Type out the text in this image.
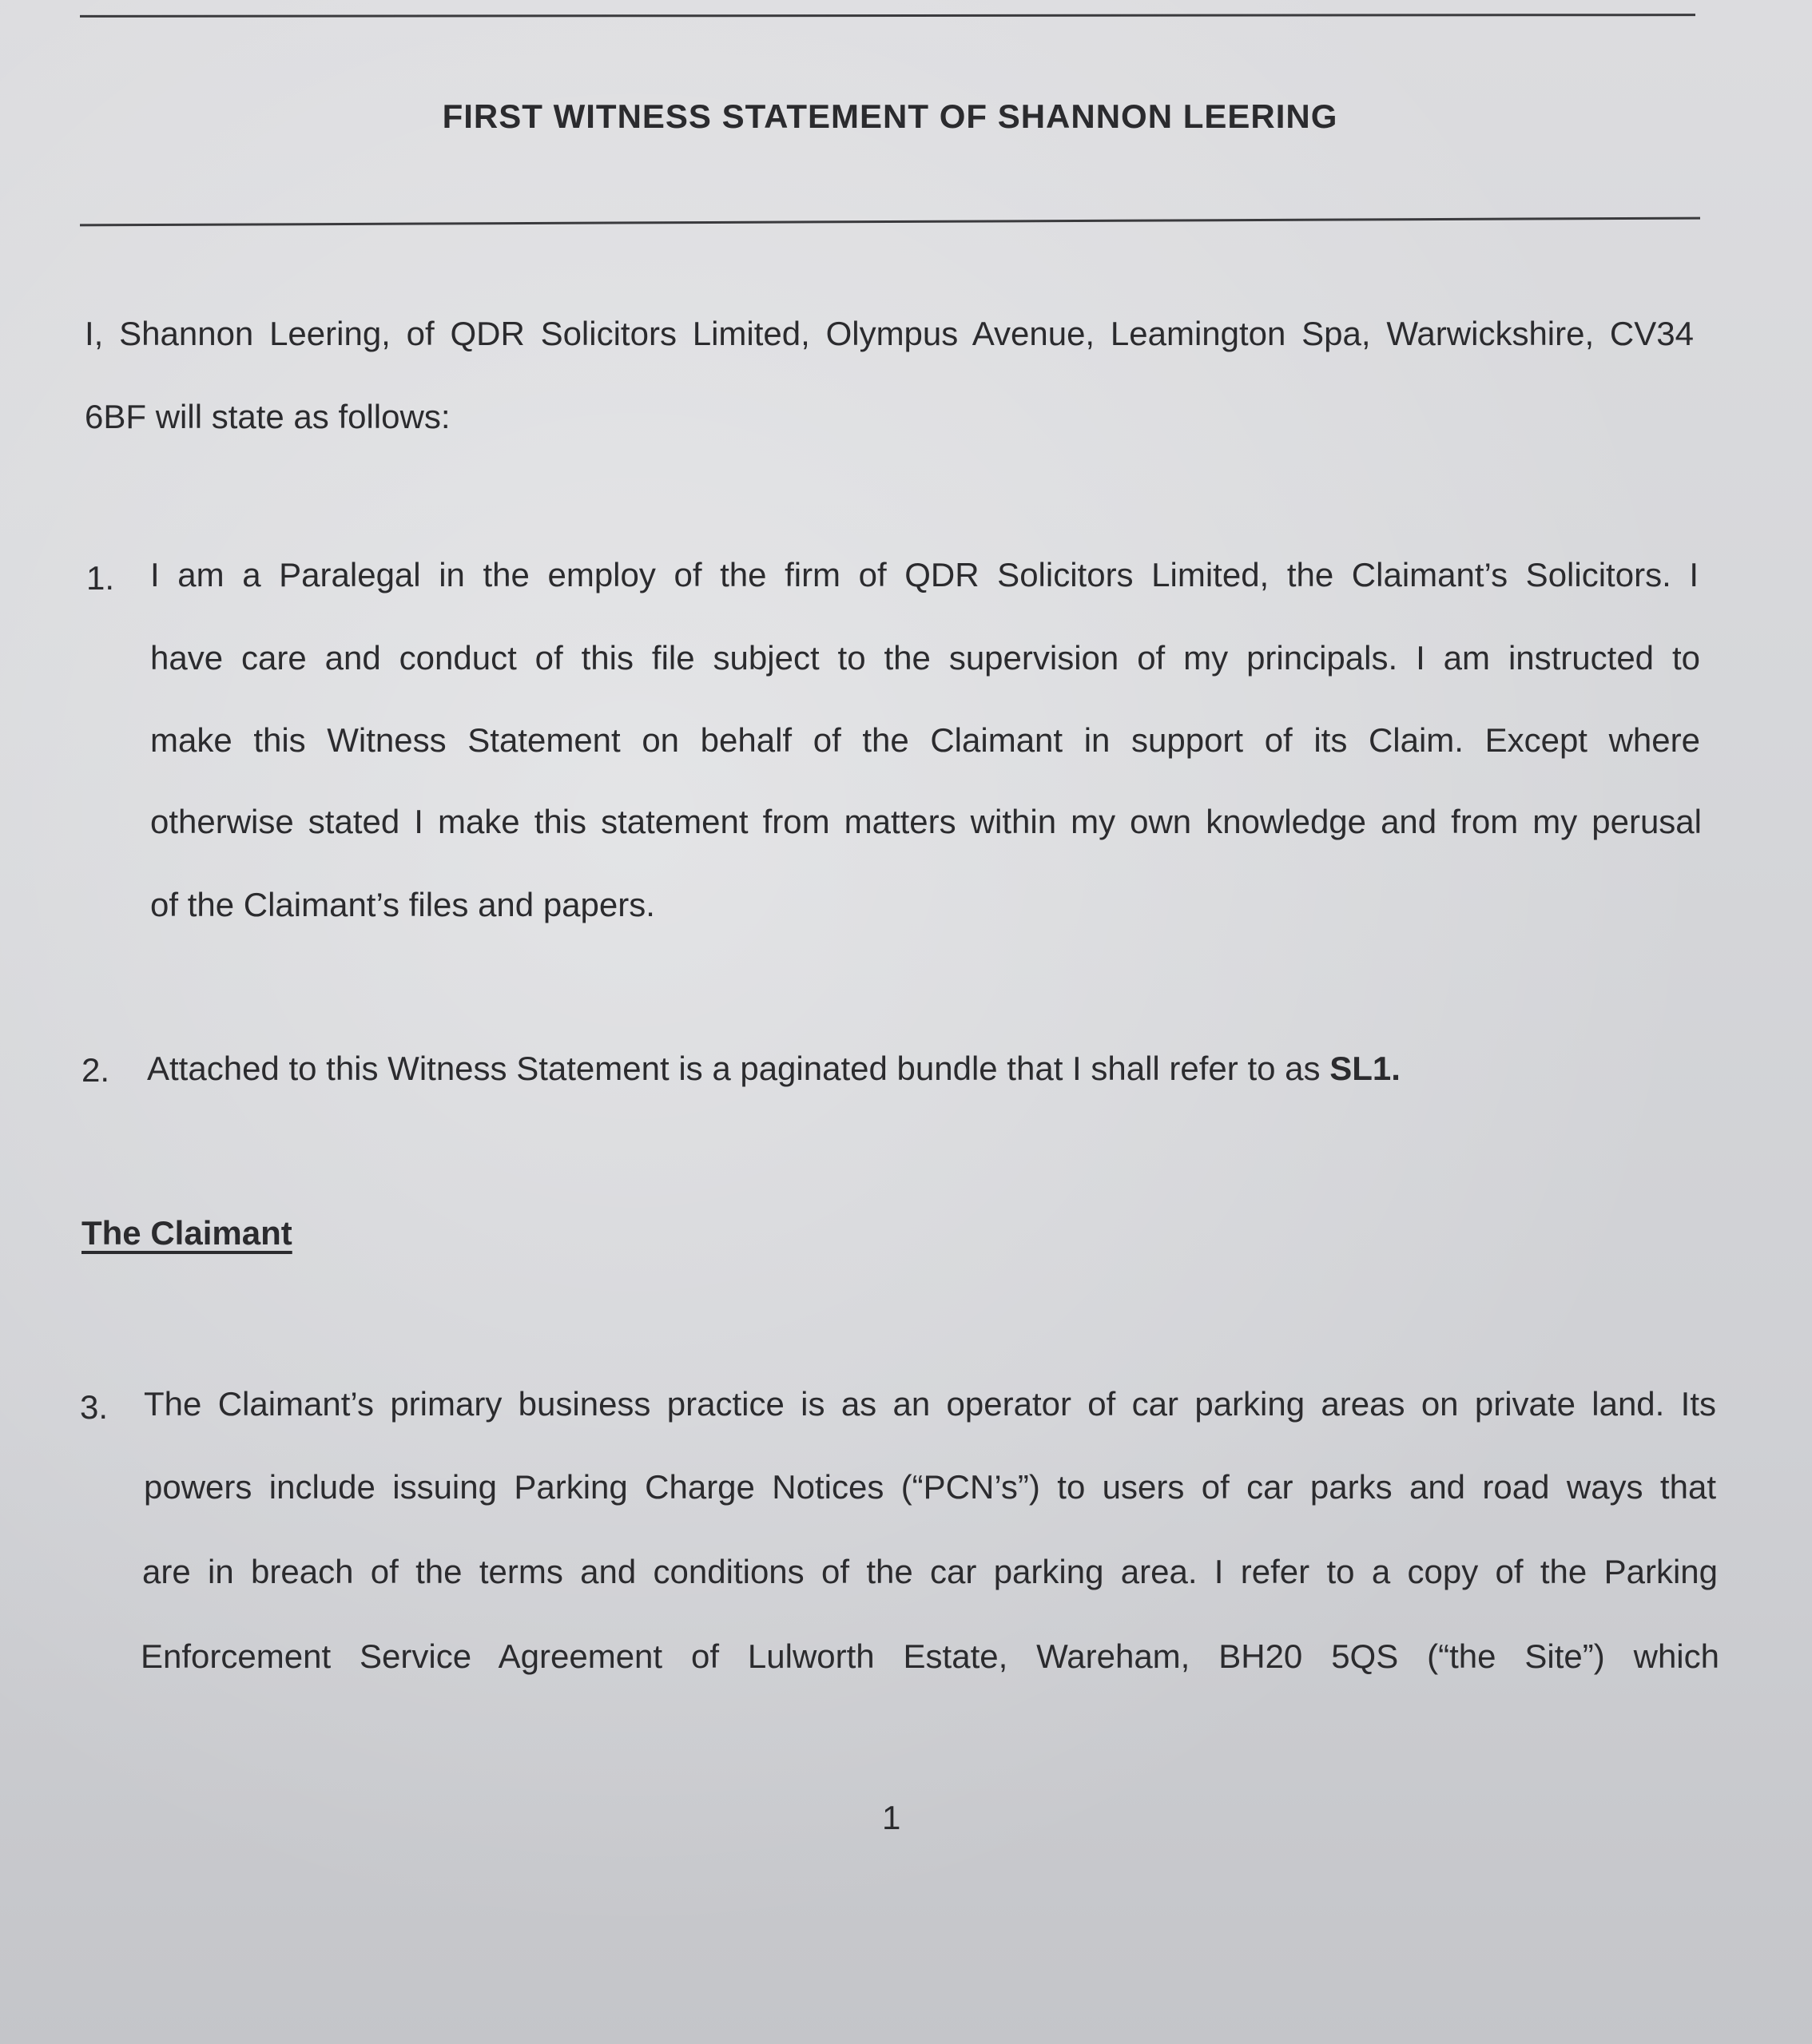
FIRST WITNESS STATEMENT OF SHANNON LEERING
I, Shannon Leering, of QDR Solicitors Limited, Olympus Avenue, Leamington Spa, Warwickshire, CV34
6BF will state as follows:
1. I am a Paralegal in the employ of the firm of QDR Solicitors Limited, the Claimant’s Solicitors. I
have care and conduct of this file subject to the supervision of my principals. I am instructed to
make this Witness Statement on behalf of the Claimant in support of its Claim. Except where
otherwise stated I make this statement from matters within my own knowledge and from my perusal
of the Claimant’s files and papers.
2. Attached to this Witness Statement is a paginated bundle that I shall refer to as SL1.
The Claimant
3. The Claimant’s primary business practice is as an operator of car parking areas on private land. Its
powers include issuing Parking Charge Notices (“PCN’s”) to users of car parks and road ways that
are in breach of the terms and conditions of the car parking area. I refer to a copy of the Parking
Enforcement Service Agreement of Lulworth Estate, Wareham, BH20 5QS (“the Site”) which
1
